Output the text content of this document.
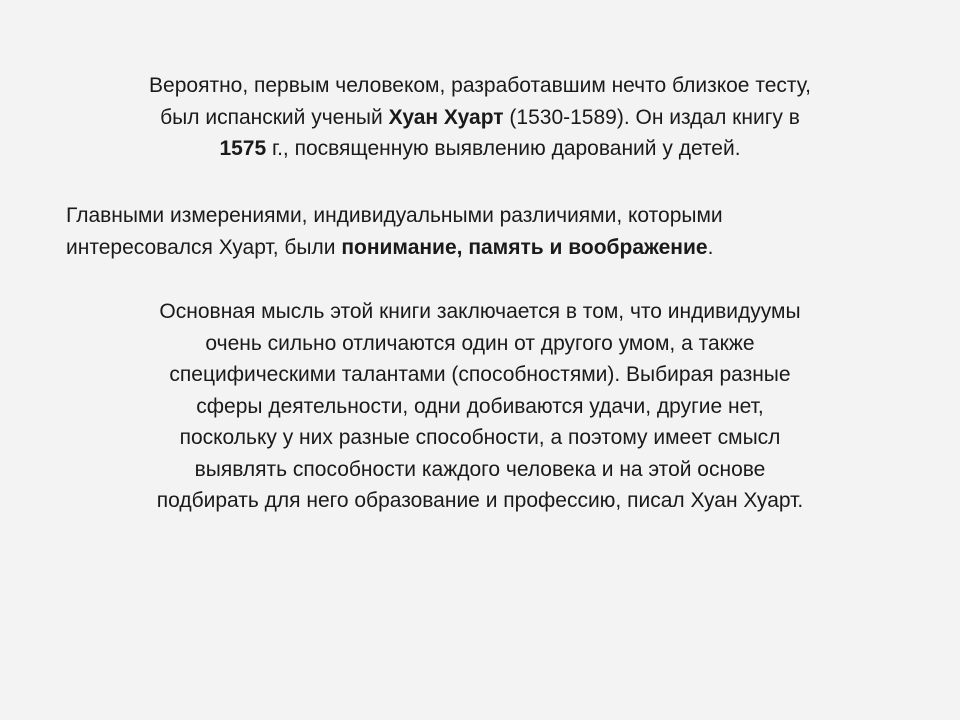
Вероятно, первым человеком, разработавшим нечто близкое тесту,
был испанский ученый Хуан Хуарт (1530-1589). Он издал книгу в
1575 г., посвященную выявлению дарований у детей.

Главными измерениями, индивидуальными различиями, которыми
интересовался Хуарт, были понимание, память и воображение.

Основная мысль этой книги заключается в том, что индивидуумы
очень сильно отличаются один от другого умом, а также
специфическими талантами (способностями). Выбирая разные
сферы деятельности, одни добиваются удачи, другие нет,
поскольку у них разные способности, а поэтому имеет смысл
выявлять способности каждого человека и на этой основе
подбирать для него образование и профессию, писал Хуан Хуарт.
